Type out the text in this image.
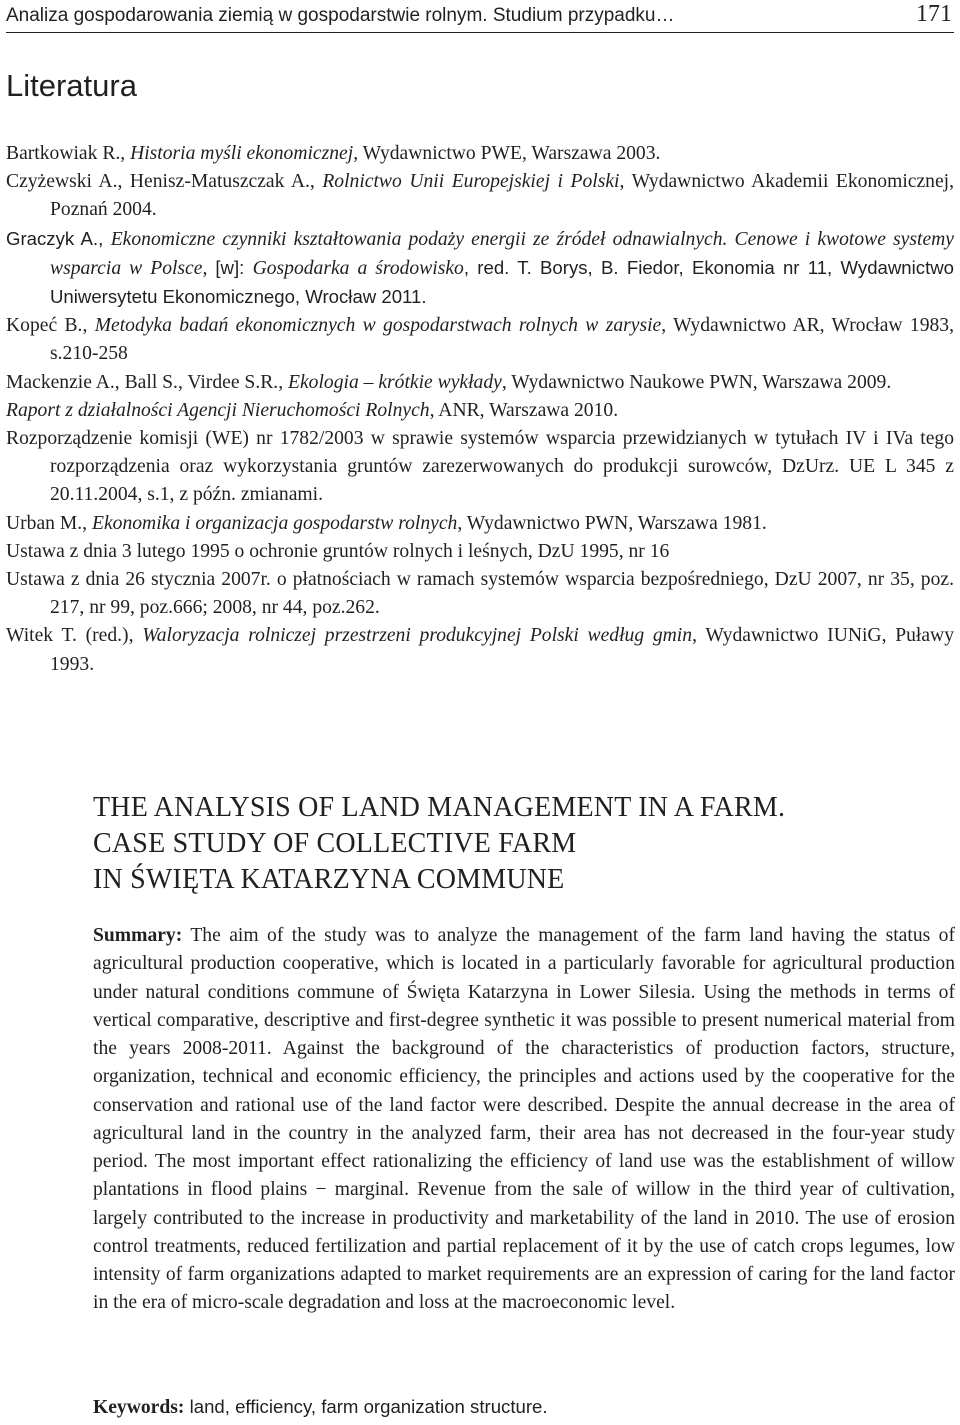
Analiza gospodarowania ziemią w gospodarstwie rolnym. Studium przypadku…	171
Literatura

Bartkowiak R., Historia myśli ekonomicznej, Wydawnictwo PWE, Warszawa 2003.

Czyżewski A., Henisz-Matuszczak A., Rolnictwo Unii Europejskiej i Polski, Wydawnictwo Akademii Ekonomicznej, Poznań 2004.

Graczyk A., Ekonomiczne czynniki kształtowania podaży energii ze źródeł odnawialnych. Cenowe i kwotowe systemy wsparcia w Polsce, [w]: Gospodarka a środowisko, red. T. Borys, B. Fiedor, Ekonomia nr 11, Wydawnictwo Uniwersytetu Ekonomicznego, Wrocław 2011.

Kopeć B., Metodyka badań ekonomicznych w gospodarstwach rolnych w zarysie, Wydawnictwo AR, Wrocław 1983, s.210-258

Mackenzie A., Ball S., Virdee S.R., Ekologia – krótkie wykłady, Wydawnictwo Naukowe PWN, Warszawa 2009.

Raport z działalności Agencji Nieruchomości Rolnych, ANR, Warszawa 2010.

Rozporządzenie komisji (WE) nr 1782/2003 w sprawie systemów wsparcia przewidzianych w tytułach IV i IVa tego rozporządzenia oraz wykorzystania gruntów zarezerwowanych do produkcji surowców, DzUrz. UE L 345 z 20.11.2004, s.1, z późn. zmianami.

Urban M., Ekonomika i organizacja gospodarstw rolnych, Wydawnictwo PWN, Warszawa 1981.

Ustawa z dnia 3 lutego 1995 o ochronie gruntów rolnych i leśnych, DzU 1995, nr 16

Ustawa z dnia 26 stycznia 2007r. o płatnościach w ramach systemów wsparcia bezpośredniego, DzU 2007, nr 35, poz. 217, nr 99, poz.666; 2008, nr 44, poz.262.

Witek T. (red.), Waloryzacja rolniczej przestrzeni produkcyjnej Polski według gmin, Wydawnictwo IUNiG, Puławy 1993.

THE ANALYSIS OF LAND MANAGEMENT IN A FARM.
CASE STUDY OF COLLECTIVE FARM
IN ŚWIĘTA KATARZYNA COMMUNE

Summary: The aim of the study was to analyze the management of the farm land having the status of agricultural production cooperative, which is located in a particularly favorable for agricultural production under natural conditions commune of Święta Katarzyna in Lower Silesia. Using the methods in terms of vertical comparative, descriptive and first-degree synthetic it was possible to present numerical material from the years 2008-2011. Against the background of the characteristics of production factors, structure, organization, technical and economic efficiency, the principles and actions used by the cooperative for the conservation and rational use of the land factor were described. Despite the annual decrease in the area of agricultural land in the country in the analyzed farm, their area has not decreased in the four-year study period. The most important effect rationalizing the efficiency of land use was the establishment of willow plantations in flood plains − marginal. Revenue from the sale of willow in the third year of cultivation, largely contributed to the increase in productivity and marketability of the land in 2010. The use of erosion control treatments, reduced fertilization and partial replacement of it by the use of catch crops legumes, low intensity of farm organizations adapted to market requirements are an expression of caring for the land factor in the era of micro-scale degradation and loss at the macroeconomic level.

Keywords: land, efficiency, farm organization structure.
